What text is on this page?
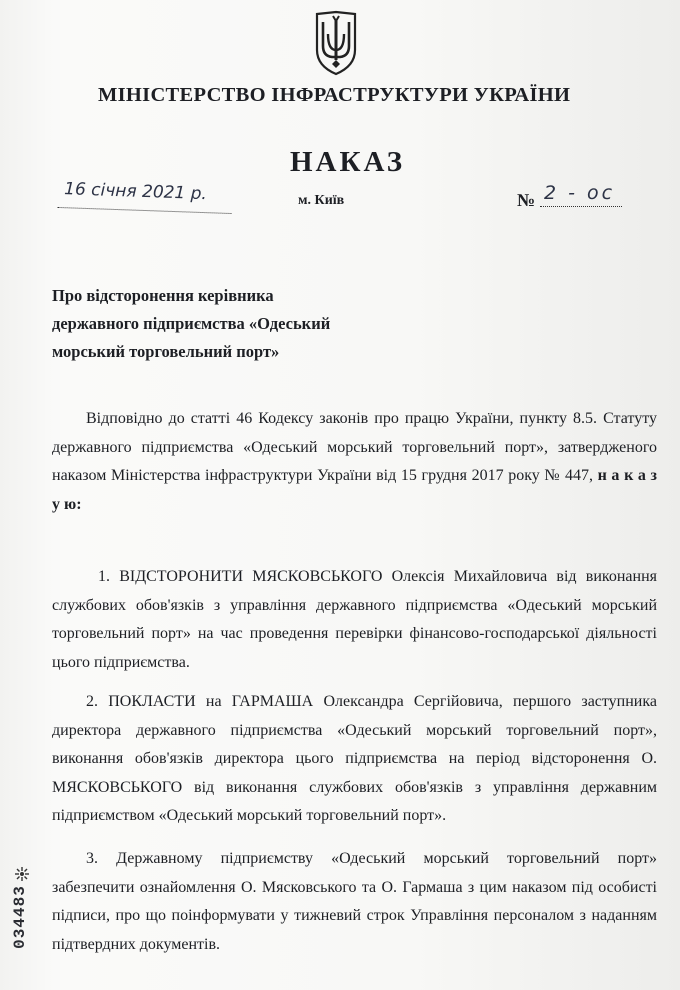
МІНІСТЕРСТВО ІНФРАСТРУКТУРИ УКРАЇНИ
НАКАЗ
16 січня 2021 р.	м. Київ	№ 2 - ос
Про відсторонення керівника
державного підприємства «Одеський
морський торговельний порт»
Відповідно до статті 46 Кодексу законів про працю України, пункту 8.5. Статуту державного підприємства «Одеський морський торговельний порт», затвердженого наказом Міністерства інфраструктури України від 15 грудня 2017 року № 447, н а к а з у ю:
1. ВІДСТОРОНИТИ МЯСКОВСЬКОГО Олексія Михайловича від виконання службових обов'язків з управління державного підприємства «Одеський морський торговельний порт» на час проведення перевірки фінансово-господарської діяльності цього підприємства.
2. ПОКЛАСТИ на ГАРМАША Олександра Сергійовича, першого заступника директора державного підприємства «Одеський морський торговельний порт», виконання обов'язків директора цього підприємства на період відсторонення О. МЯСКОВСЬКОГО від виконання службових обов'язків з управління державним підприємством «Одеський морський торговельний порт».
3. Державному підприємству «Одеський морський торговельний порт» забезпечити ознайомлення О. Мясковського та О. Гармаша з цим наказом під особисті підписи, про що поінформувати у тижневий строк Управління персоналом з наданням підтвердних документів.
034483
